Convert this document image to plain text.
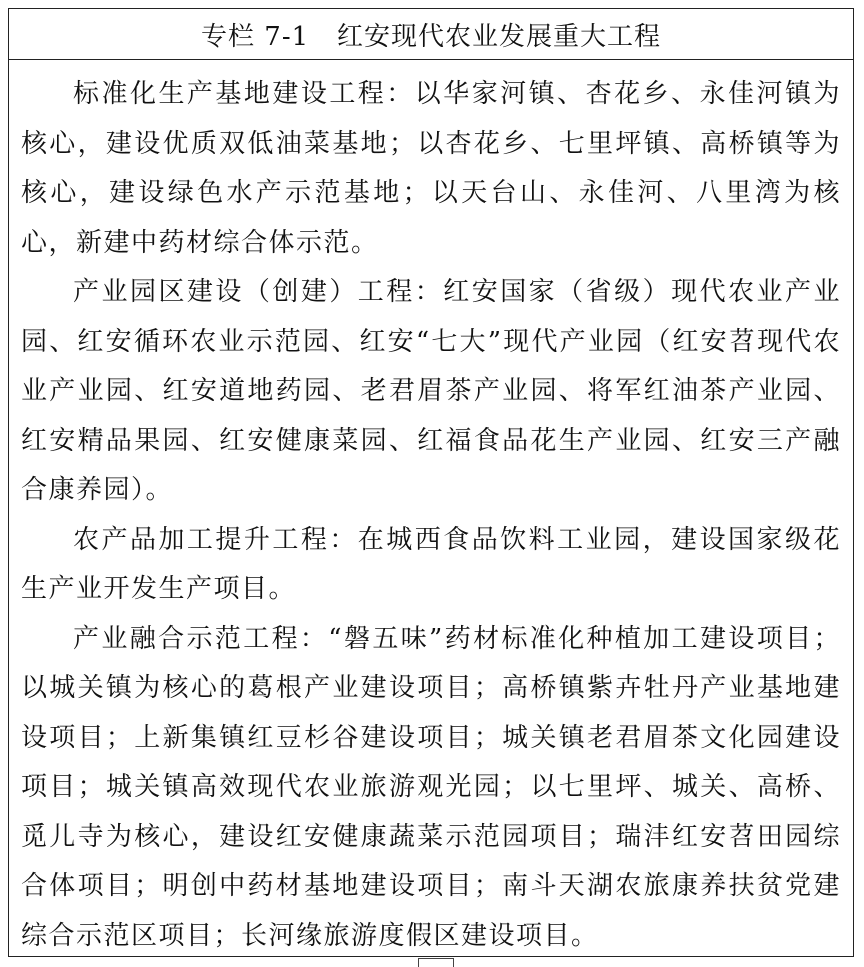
专栏 7-1   红安现代农业发展重大工程

标准化生产基地建设工程：以华家河镇、杏花乡、永佳河镇为核心，建设优质双低油菜基地；以杏花乡、七里坪镇、高桥镇等为核心，建设绿色水产示范基地；以天台山、永佳河、八里湾为核心，新建中药材综合体示范。

产业园区建设（创建）工程：红安国家（省级）现代农业产业园、红安循环农业示范园、红安“七大”现代产业园（红安苕现代农业产业园、红安道地药园、老君眉茶产业园、将军红油茶产业园、红安精品果园、红安健康菜园、红福食品花生产业园、红安三产融合康养园）。

农产品加工提升工程：在城西食品饮料工业园，建设国家级花生产业开发生产项目。

产业融合示范工程：“磐五味”药材标准化种植加工建设项目；以城关镇为核心的葛根产业建设项目；高桥镇紫卉牡丹产业基地建设项目；上新集镇红豆杉谷建设项目；城关镇老君眉茶文化园建设项目；城关镇高效现代农业旅游观光园；以七里坪、城关、高桥、觅儿寺为核心，建设红安健康蔬菜示范园项目；瑞沣红安苕田园综合体项目；明创中药材基地建设项目；南斗天湖农旅康养扶贫党建综合示范区项目；长河缘旅游度假区建设项目。
